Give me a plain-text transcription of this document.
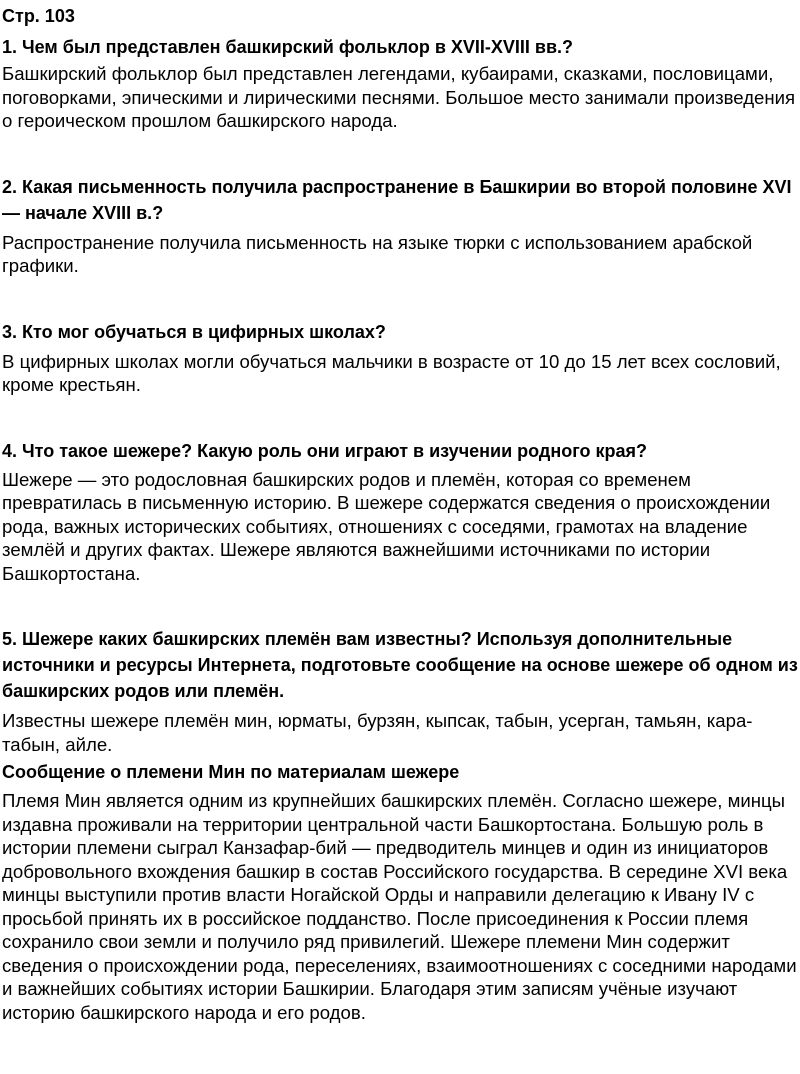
Стр. 103

1. Чем был представлен башкирский фольклор в XVII-XVIII вв.?

Башкирский фольклор был представлен легендами, кубаирами, сказками, пословицами, поговорками, эпическими и лирическими песнями. Большое место занимали произведения о героическом прошлом башкирского народа.

2. Какая письменность получила распространение в Башкирии во второй половине XVI — начале XVIII в.?

Распространение получила письменность на языке тюрки с использованием арабской графики.

3. Кто мог обучаться в цифирных школах?

В цифирных школах могли обучаться мальчики в возрасте от 10 до 15 лет всех сословий, кроме крестьян.

4. Что такое шежере? Какую роль они играют в изучении родного края?

Шежере — это родословная башкирских родов и племён, которая со временем превратилась в письменную историю. В шежере содержатся сведения о происхождении рода, важных исторических событиях, отношениях с соседями, грамотах на владение землёй и других фактах. Шежере являются важнейшими источниками по истории Башкортостана.

5. Шежере каких башкирских племён вам известны? Используя дополнительные источники и ресурсы Интернета, подготовьте сообщение на основе шежере об одном из башкирских родов или племён.

Известны шежере племён мин, юрматы, бурзян, кыпсак, табын, усерган, тамьян, кара-табын, айле.

Сообщение о племени Мин по материалам шежере

Племя Мин является одним из крупнейших башкирских племён. Согласно шежере, минцы издавна проживали на территории центральной части Башкортостана. Большую роль в истории племени сыграл Канзафар-бий — предводитель минцев и один из инициаторов добровольного вхождения башкир в состав Российского государства. В середине XVI века минцы выступили против власти Ногайской Орды и направили делегацию к Ивану IV с просьбой принять их в российское подданство. После присоединения к России племя сохранило свои земли и получило ряд привилегий. Шежере племени Мин содержит сведения о происхождении рода, переселениях, взаимоотношениях с соседними народами и важнейших событиях истории Башкирии. Благодаря этим записям учёные изучают историю башкирского народа и его родов.
